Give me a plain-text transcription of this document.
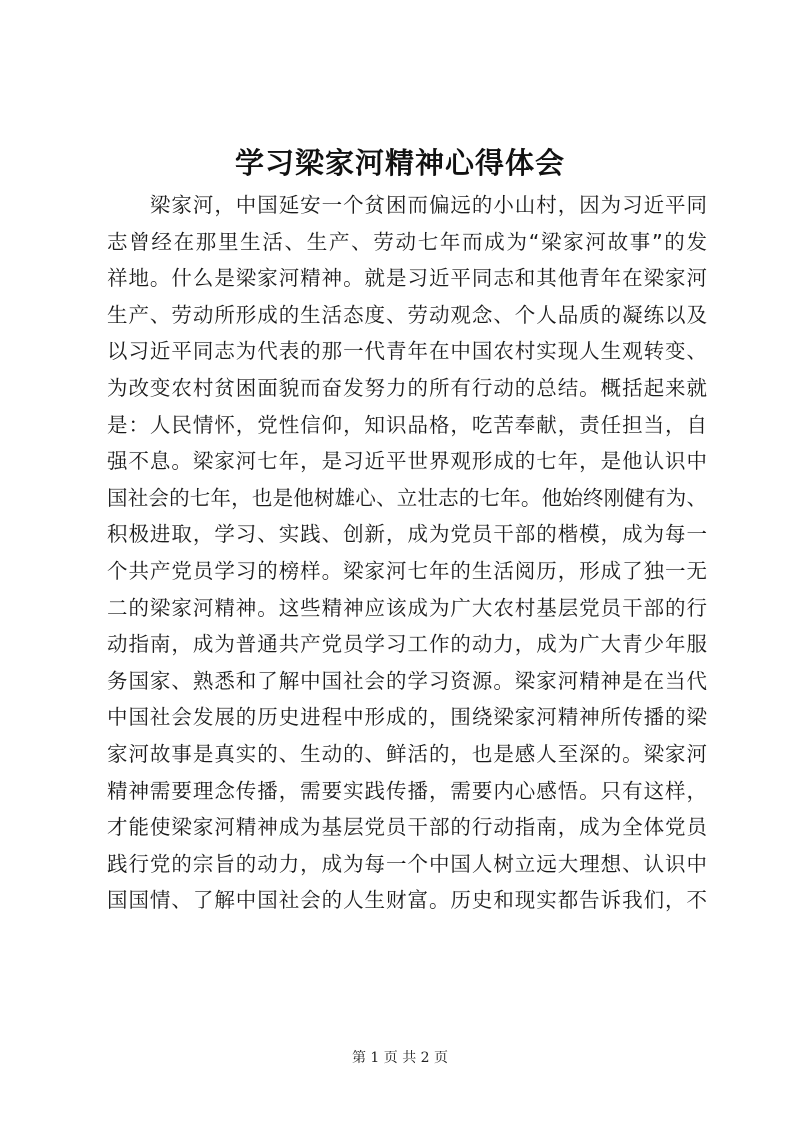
学习梁家河精神心得体会
　　梁家河，中国延安一个贫困而偏远的小山村，因为习近平同
志曾经在那里生活、生产、劳动七年而成为“梁家河故事”的发
祥地。什么是梁家河精神。就是习近平同志和其他青年在梁家河
生产、劳动所形成的生活态度、劳动观念、个人品质的凝练以及
以习近平同志为代表的那一代青年在中国农村实现人生观转变、
为改变农村贫困面貌而奋发努力的所有行动的总结。概括起来就
是：人民情怀，党性信仰，知识品格，吃苦奉献，责任担当，自
强不息。梁家河七年，是习近平世界观形成的七年，是他认识中
国社会的七年，也是他树雄心、立壮志的七年。他始终刚健有为、
积极进取，学习、实践、创新，成为党员干部的楷模，成为每一
个共产党员学习的榜样。梁家河七年的生活阅历，形成了独一无
二的梁家河精神。这些精神应该成为广大农村基层党员干部的行
动指南，成为普通共产党员学习工作的动力，成为广大青少年服
务国家、熟悉和了解中国社会的学习资源。梁家河精神是在当代
中国社会发展的历史进程中形成的，围绕梁家河精神所传播的梁
家河故事是真实的、生动的、鲜活的，也是感人至深的。梁家河
精神需要理念传播，需要实践传播，需要内心感悟。只有这样，
才能使梁家河精神成为基层党员干部的行动指南，成为全体党员
践行党的宗旨的动力，成为每一个中国人树立远大理想、认识中
国国情、了解中国社会的人生财富。历史和现实都告诉我们，不
第 1 页 共 2 页
